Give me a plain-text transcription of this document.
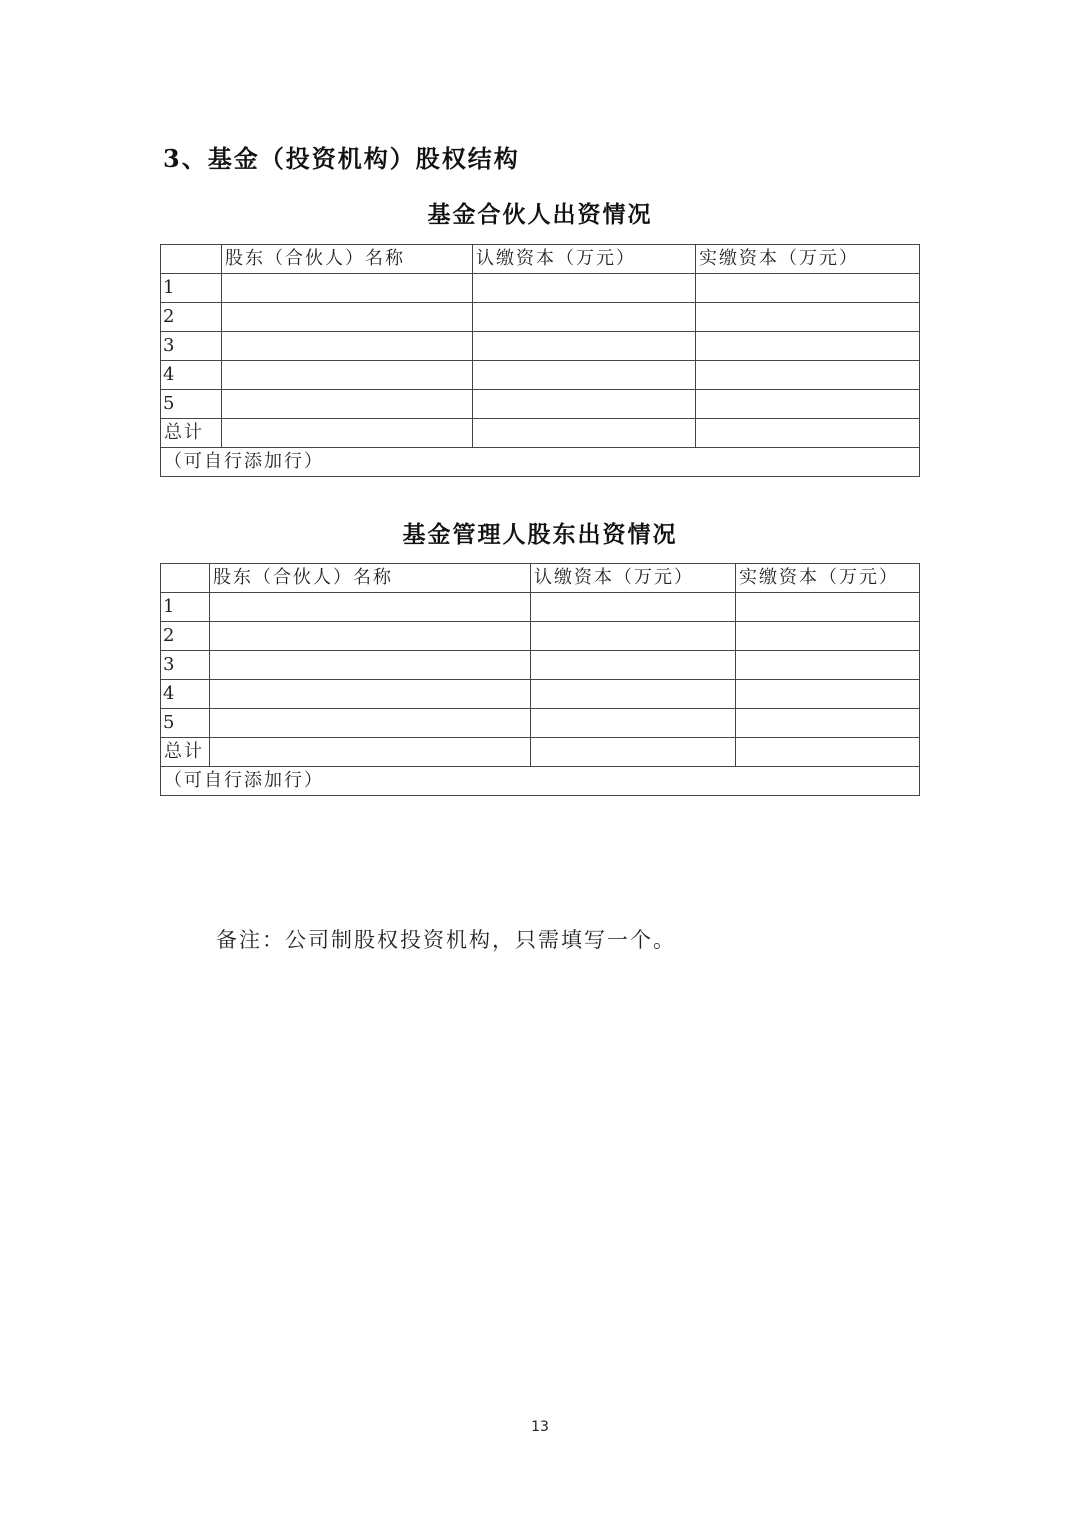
3、基金（投资机构）股权结构
基金合伙人出资情况
	股东（合伙人）名称	认缴资本（万元）	实缴资本（万元）
1			
2			
3			
4			
5			
总计			
（可自行添加行）			
基金管理人股东出资情况
	股东（合伙人）名称	认缴资本（万元）	实缴资本（万元）
1			
2			
3			
4			
5			
总计			
（可自行添加行）			

备注：公司制股权投资机构，只需填写一个。

13
